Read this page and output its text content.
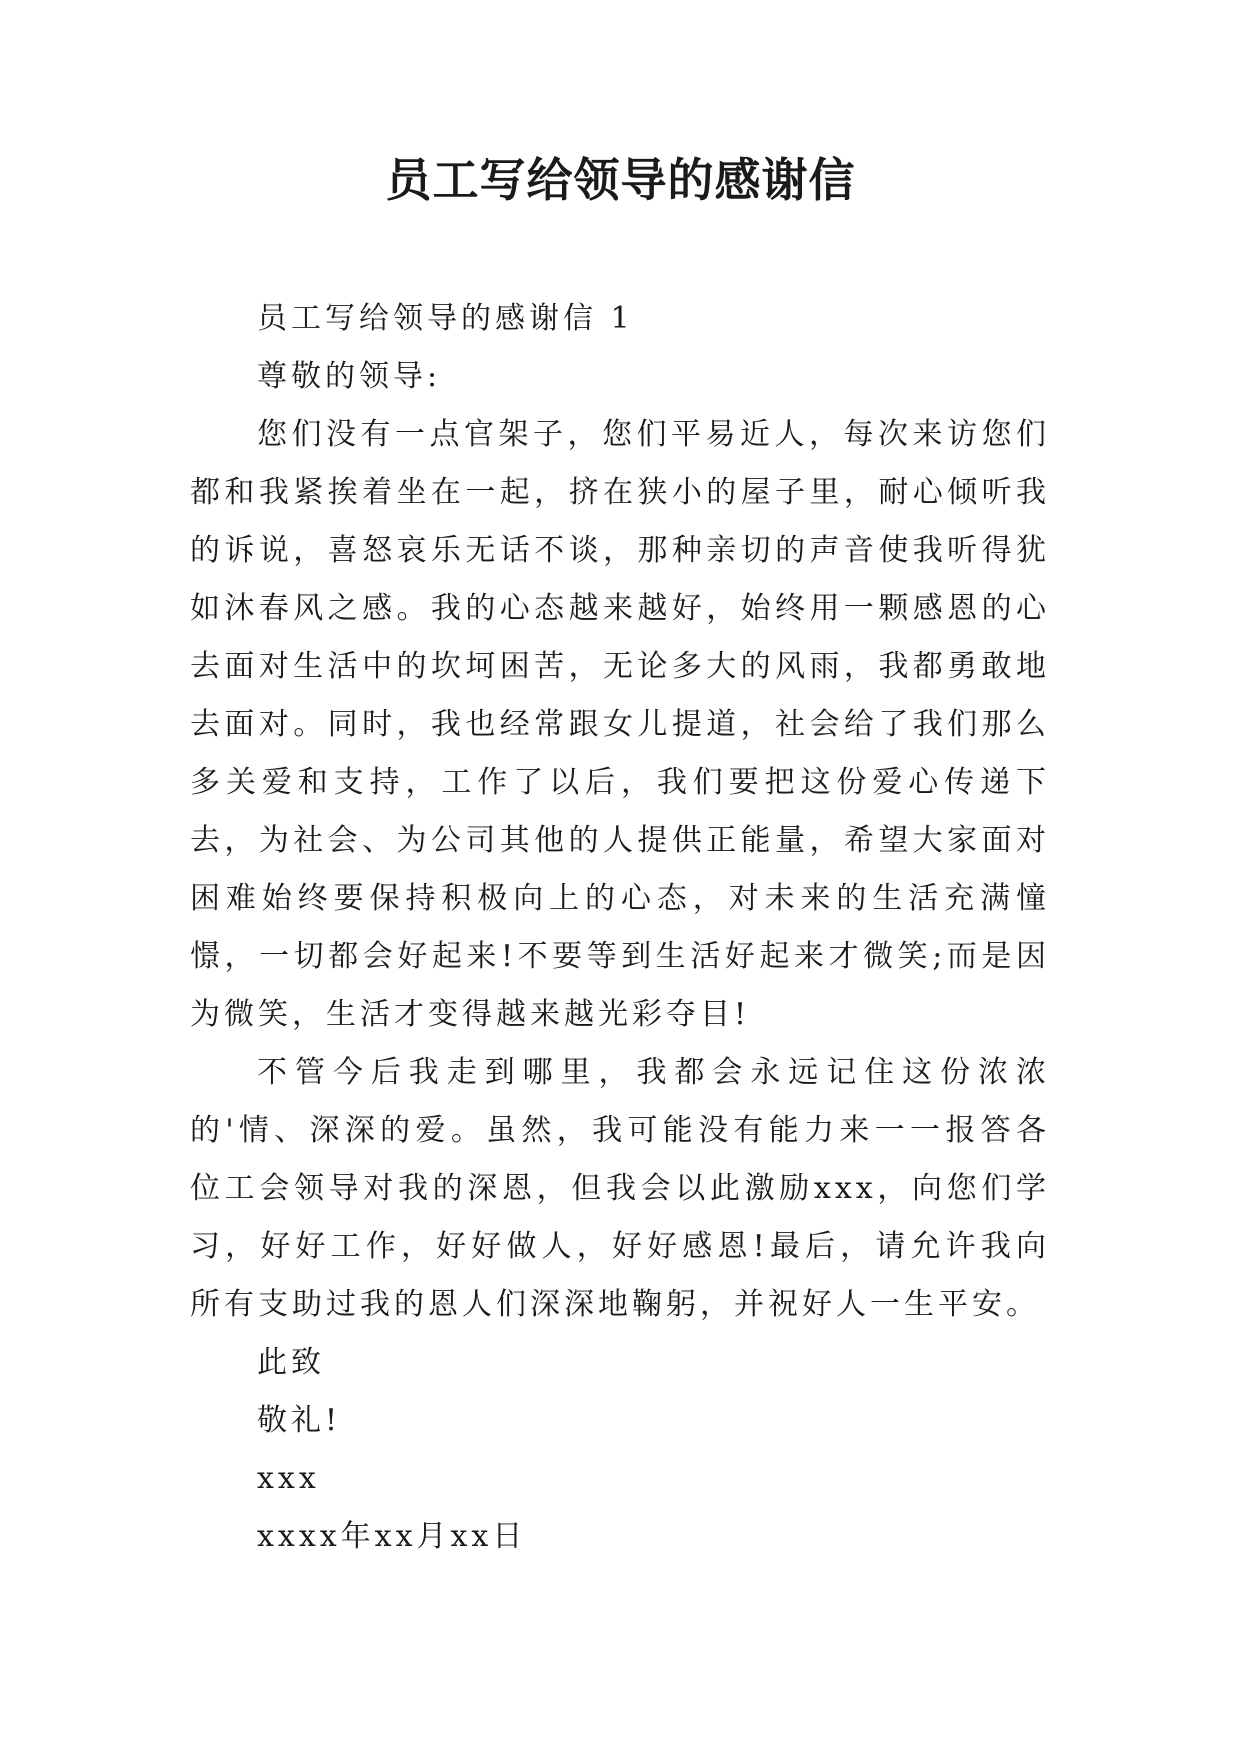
员工写给领导的感谢信

员工写给领导的感谢信 1

尊敬的领导:

您们没有一点官架子，您们平易近人，每次来访您们都和我紧挨着坐在一起，挤在狭小的屋子里，耐心倾听我的诉说，喜怒哀乐无话不谈，那种亲切的声音使我听得犹如沐春风之感。我的心态越来越好，始终用一颗感恩的心去面对生活中的坎坷困苦，无论多大的风雨，我都勇敢地去面对。同时，我也经常跟女儿提道，社会给了我们那么多关爱和支持，工作了以后，我们要把这份爱心传递下去，为社会、为公司其他的人提供正能量，希望大家面对困难始终要保持积极向上的心态，对未来的生活充满憧憬，一切都会好起来!不要等到生活好起来才微笑;而是因为微笑，生活才变得越来越光彩夺目!

不管今后我走到哪里，我都会永远记住这份浓浓的'情、深深的爱。虽然，我可能没有能力来一一报答各位工会领导对我的深恩，但我会以此激励xxx，向您们学习，好好工作，好好做人，好好感恩!最后，请允许我向所有支助过我的恩人们深深地鞠躬，并祝好人一生平安。

此致

敬礼!

xxx

xxxx年xx月xx日
